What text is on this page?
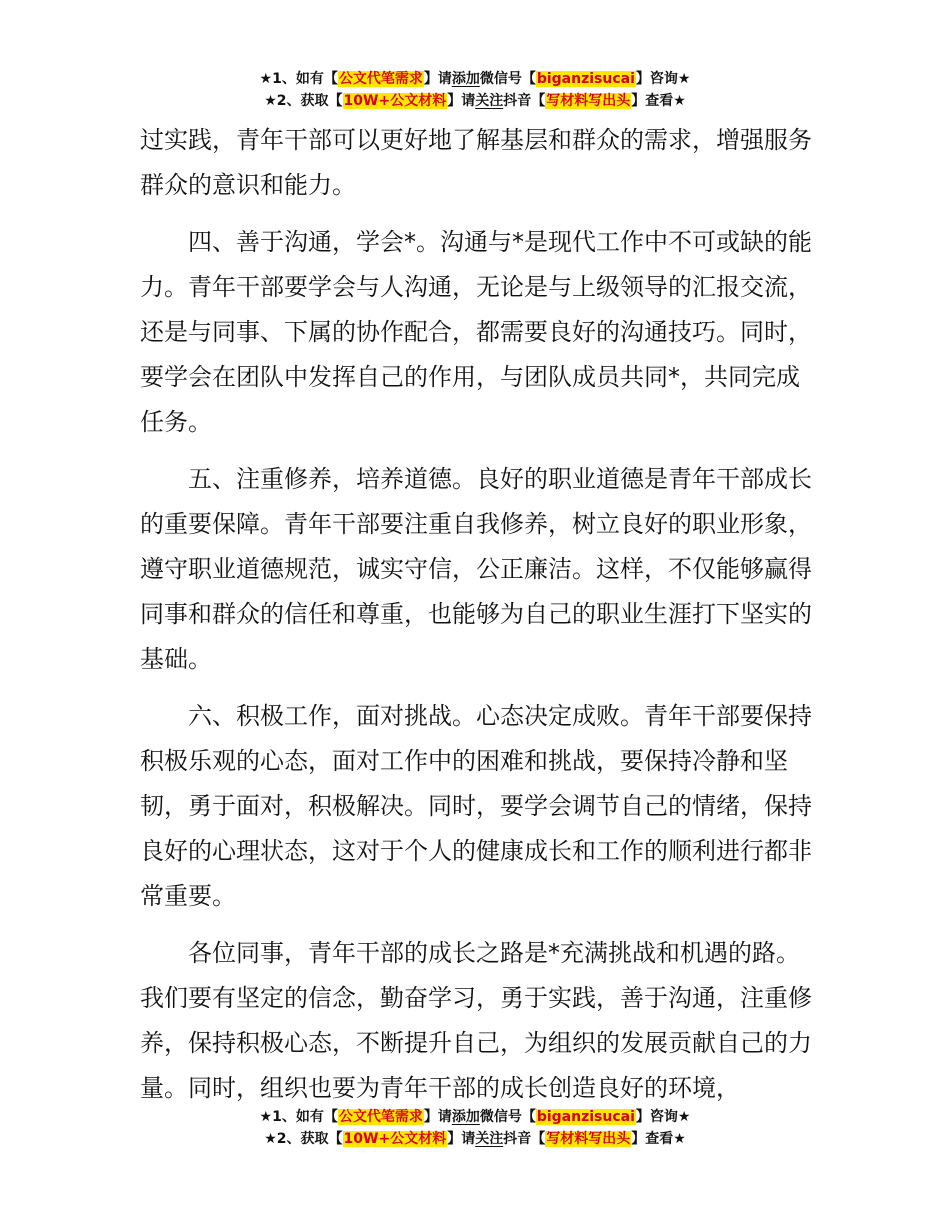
★1、如有【公文代笔需求】请添加微信号【biganzisucai】咨询★
★2、获取【10W+公文材料】请关注抖音【写材料写出头】查看★

过实践，青年干部可以更好地了解基层和群众的需求，增强服务群众的意识和能力。

四、善于沟通，学会*。沟通与*是现代工作中不可或缺的能力。青年干部要学会与人沟通，无论是与上级领导的汇报交流，还是与同事、下属的协作配合，都需要良好的沟通技巧。同时，要学会在团队中发挥自己的作用，与团队成员共同*，共同完成任务。

五、注重修养，培养道德。良好的职业道德是青年干部成长的重要保障。青年干部要注重自我修养，树立良好的职业形象，遵守职业道德规范，诚实守信，公正廉洁。这样，不仅能够赢得同事和群众的信任和尊重，也能够为自己的职业生涯打下坚实的基础。

六、积极工作，面对挑战。心态决定成败。青年干部要保持积极乐观的心态，面对工作中的困难和挑战，要保持冷静和坚韧，勇于面对，积极解决。同时，要学会调节自己的情绪，保持良好的心理状态，这对于个人的健康成长和工作的顺利进行都非常重要。

各位同事，青年干部的成长之路是*充满挑战和机遇的路。我们要有坚定的信念，勤奋学习，勇于实践，善于沟通，注重修养，保持积极心态，不断提升自己，为组织的发展贡献自己的力量。同时，组织也要为青年干部的成长创造良好的环境，

★1、如有【公文代笔需求】请添加微信号【biganzisucai】咨询★
★2、获取【10W+公文材料】请关注抖音【写材料写出头】查看★
